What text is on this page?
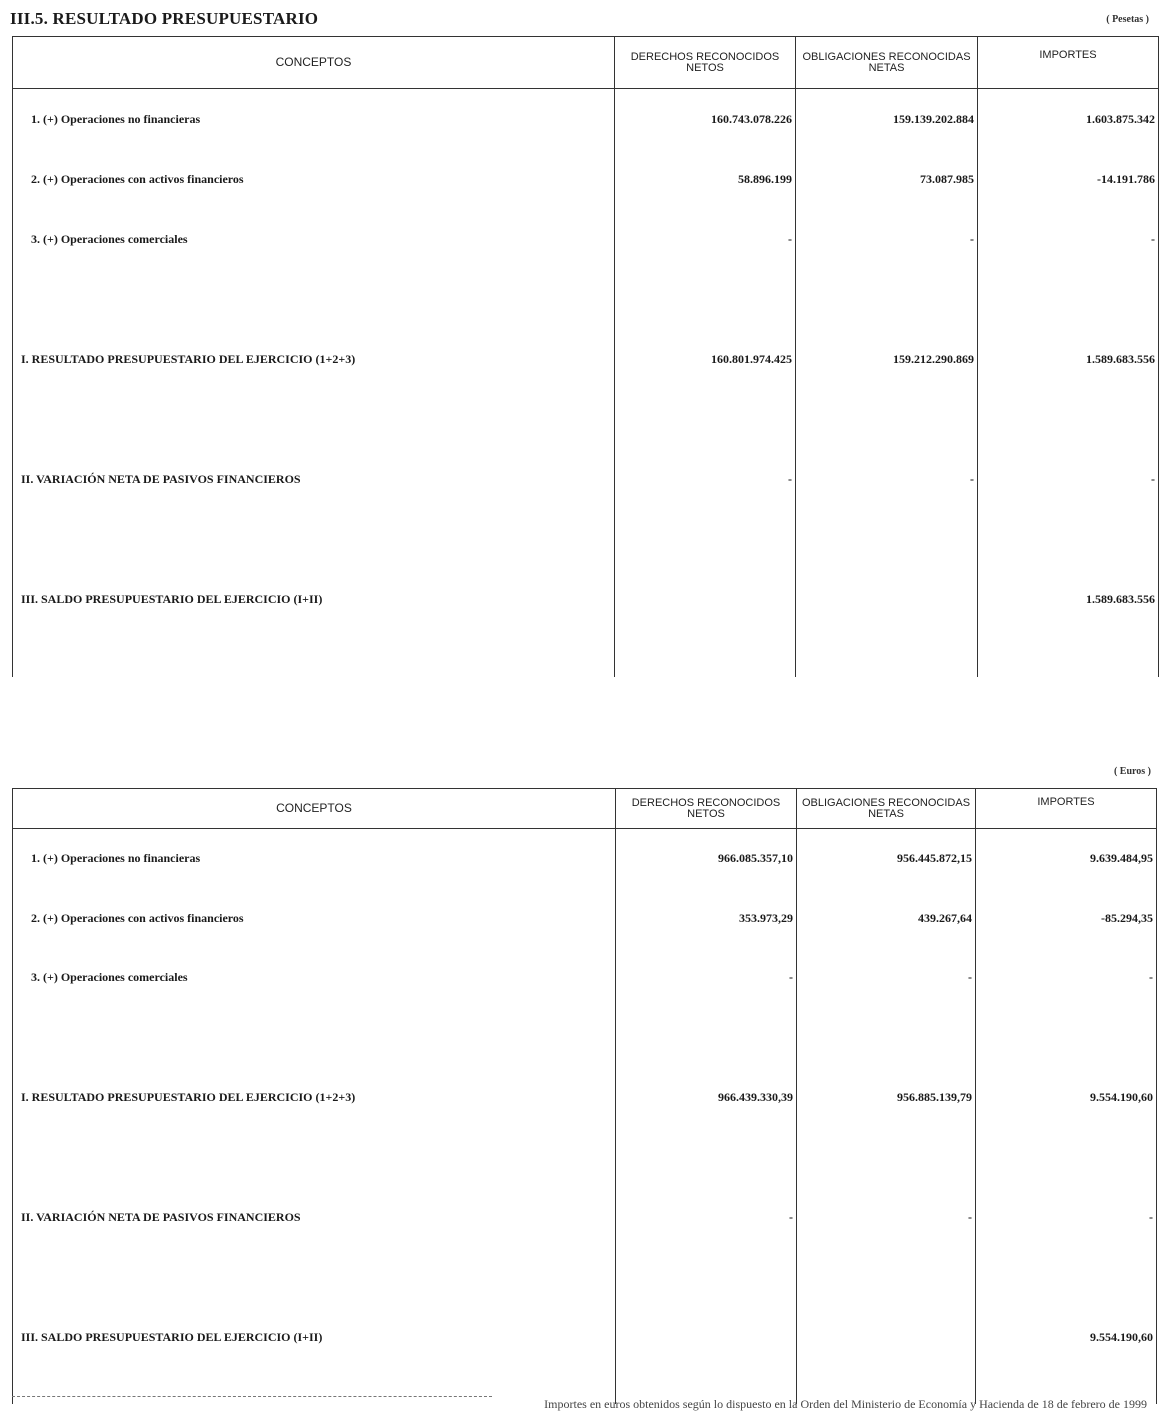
III.5. RESULTADO PRESUPUESTARIO	( Pesetas )
CONCEPTOS	DERECHOS RECONOCIDOS NETOS	OBLIGACIONES RECONOCIDAS NETAS	IMPORTES
1. (+) Operaciones no financieras	160.743.078.226	159.139.202.884	1.603.875.342
2. (+) Operaciones con activos financieros	58.896.199	73.087.985	-14.191.786
3. (+) Operaciones comerciales	-	-	-
I. RESULTADO PRESUPUESTARIO DEL EJERCICIO (1+2+3)	160.801.974.425	159.212.290.869	1.589.683.556
II. VARIACIÓN NETA DE PASIVOS FINANCIEROS	-	-	-
III. SALDO PRESUPUESTARIO DEL EJERCICIO (I+II)			1.589.683.556
( Euros )
CONCEPTOS	DERECHOS RECONOCIDOS NETOS	OBLIGACIONES RECONOCIDAS NETAS	IMPORTES
1. (+) Operaciones no financieras	966.085.357,10	956.445.872,15	9.639.484,95
2. (+) Operaciones con activos financieros	353.973,29	439.267,64	-85.294,35
3. (+) Operaciones comerciales	-	-	-
I. RESULTADO PRESUPUESTARIO DEL EJERCICIO (1+2+3)	966.439.330,39	956.885.139,79	9.554.190,60
II. VARIACIÓN NETA DE PASIVOS FINANCIEROS	-	-	-
III. SALDO PRESUPUESTARIO DEL EJERCICIO (I+II)			9.554.190,60
Importes en euros obtenidos según lo dispuesto en la Orden del Ministerio de Economía y Hacienda de 18 de febrero de 1999
